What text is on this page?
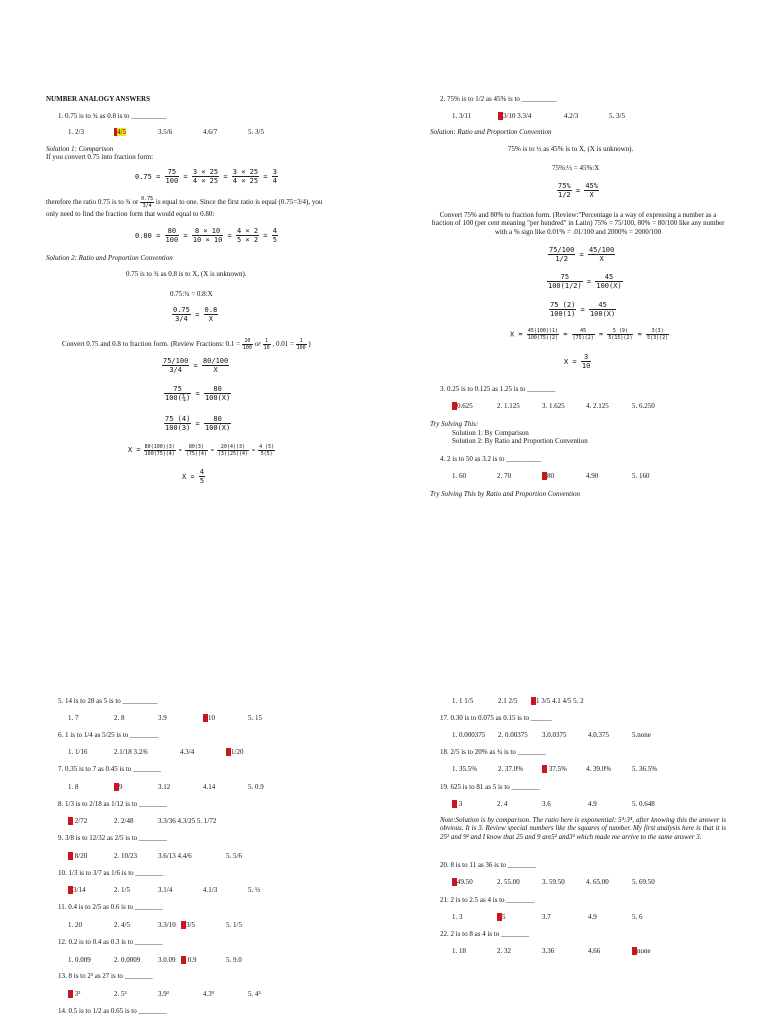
NUMBER ANALOGY ANSWERS
1. 0.75 is to ¾ as 0.8 is to __________
1. 2/3	4/5	3.5/6	4.6/7	5. 3/5
Solution 1: Comparison
If you convert 0.75 into fraction form:
$0.75 = \frac{75}{100} = \frac{3 \times 25}{4 \times 25} = \frac{3 \times 25}{4 \times 25} = \frac{3}{4}$
therefore the ratio 0.75 is to ¾ or $\frac{0.75}{3/4}$ is equal to one. Since the first ratio is equal (0.75=3/4), you
only need to find the fraction form that would equal to 0.80:
$0.80 = \frac{80}{100} = \frac{8 \times 10}{10 \times 10} = \frac{4 \times 2}{5 \times 2} = \frac{4}{5}$
Solution 2: Ratio and Proportion Convention
0.75 is to ¾ as 0.8 is to X, (X is unknown).
0.75:¾ = 0.8:X
$\frac{0.75}{3/4} = \frac{0.8}{X}$
Convert 0.75 and 0.8 to fraction form. (Review Fractions: $0.1 = \frac{10}{100}$ or $\frac{1}{10}$ , $0.01 = \frac{1}{100}$ )
$\frac{75/100}{3/4} = \frac{80/100}{X}$
$\frac{75}{\text{100(¾)}} = \frac{80}{100(X)}$
$\frac{75 (4)}{100(3)} = \frac{80}{100(X)}$
$X = \frac{80(100)(3)}{100(75)(4)} = \frac{80(3)}{(75)(4)} = \frac{20(4)(3)}{(3)(25)(4)} = \frac{4 (5)}{5(5)}$
$X = \frac{4}{5}$
2. 75% is to 1/2 as 45% is to __________
1. 3/11	3/10 3.3/4	4.2/3	5. 3/5
Solution: Ratio and Proportion Convention
75% is to ½ as 45% is to X, (X is unknown).
75%:½ = 45%:X
$\frac{75\%}{1/2} = \frac{45\%}{X}$
Convert 75% and 80% to fraction form. (Review:"Percentage is a way of expressing a number as a fraction of 100 (per cent meaning "per hundred" in Latin) 75% = 75/100, 80% = 80/100 like any number with a % sign like 0.01% = .01/100 and 2000% = 2000/100
$\frac{75/100}{1/2} = \frac{45/100}{X}$
$\frac{75}{100(1/2)} = \frac{45}{100(X)}$
$\frac{75 (2)}{100(1)} = \frac{45}{100(X)}$
$X = \frac{45(100)(1)}{100(75)(2)} = \frac{45}{(75)(2)} = \frac{5 (9)}{5(15)(2)} = \frac{3(3)}{5(3)(2)}$
$X = \frac{3}{10}$
3. 0.25 is to 0.125 as 1.25 is to ________
0.625	2. 1.125	3. 1.625	4. 2.125	5. 6.250
Try Solving This:
Solution 1: By Comparison
Solution 2: By Ratio and Proportion Convention
4. 2 is to 50 as 3.2 is to __________
1. 60	2. 70	80	4.90	5. 160
Try Solving This by Ratio and Proportion Convention
5. 14 is to 28 as 5 is to __________
1. 7	2. 8	3.9	10	5. 15
6. 1 is to 1/4 as 5/25 is to ________
1. 1/16	2.1/18 3.2/6	4.3/4	1/20
7. 0.35 is to 7 as 0.45 is to ________
1. 8	9	3.12	4.14	5. 0.9
8. 1/3 is to 2/18 as 1/12 is to ________
2/72	2. 2/48	3.3/36 4.3/25 5. 1/72
9. 3/8 is to 12/32 as 2/5 is to ________
8/20	2. 10/23	3.6/13 4.4/6	5. 5/6
10. 1/3 is to 3/7 as 1/6 is to ________
3/14	2. 1/5	3.1/4	4.1/3	5. ⅓
11. 0.4 is to 2/5 as 0.6 is to ________
1. 20	2. 4/5	3.3/10	3/5	5. 1/5
12. 0.2 is to 0.4 as 0.3 is to ________
1. 0.009	2. 0.0009	3.0.09	0.9	5. 9.0
13. 8 is to 2³ as 27 is to ________
3³	2. 5³	3.9³	4.3⁹	5. 4³
14. 0.5 is to 1/2 as 0.65 is to ________
1. 1 1/5	2.1 2/5	1 3/5 4.1 4/5 5. 2
17. 0.30 is to 0.075 as 0.15 is to ______
1. 0.000375 2. 0.00375 3.0.0375	4.0.375	5.none
18. 2/5 is to 20% as ¾ is to ________
1. 35.5%	2. 37.0%	37.5%	4. 39.0%	5. 36.5%
19. 625 is to 81 as 5 is to ________
3	2. 4	3.6	4.9	5. 0.648
Note:Solution is by comparison. The ratio here is exponential: 5⁴:3⁴, after knowing this the answer is obvious. It is 3. Review special numbers like the squares of number. My first analysis here is that it is 25² and 9² and I know that 25 and 9 are5² and3² which made me arrive to the same answer 3.
20. 8 is to 11 as 36 is to ________
49.50	2. 55.00	3. 59.50	4. 65.00	5. 69.50
21. 2 is to 2.5 as 4 is to ________
1. 3	5	3.7	4.9	5. 6
22. 2 is to 8 as 4 is to ________
1. 18	2. 32	3.36	4.66	none
